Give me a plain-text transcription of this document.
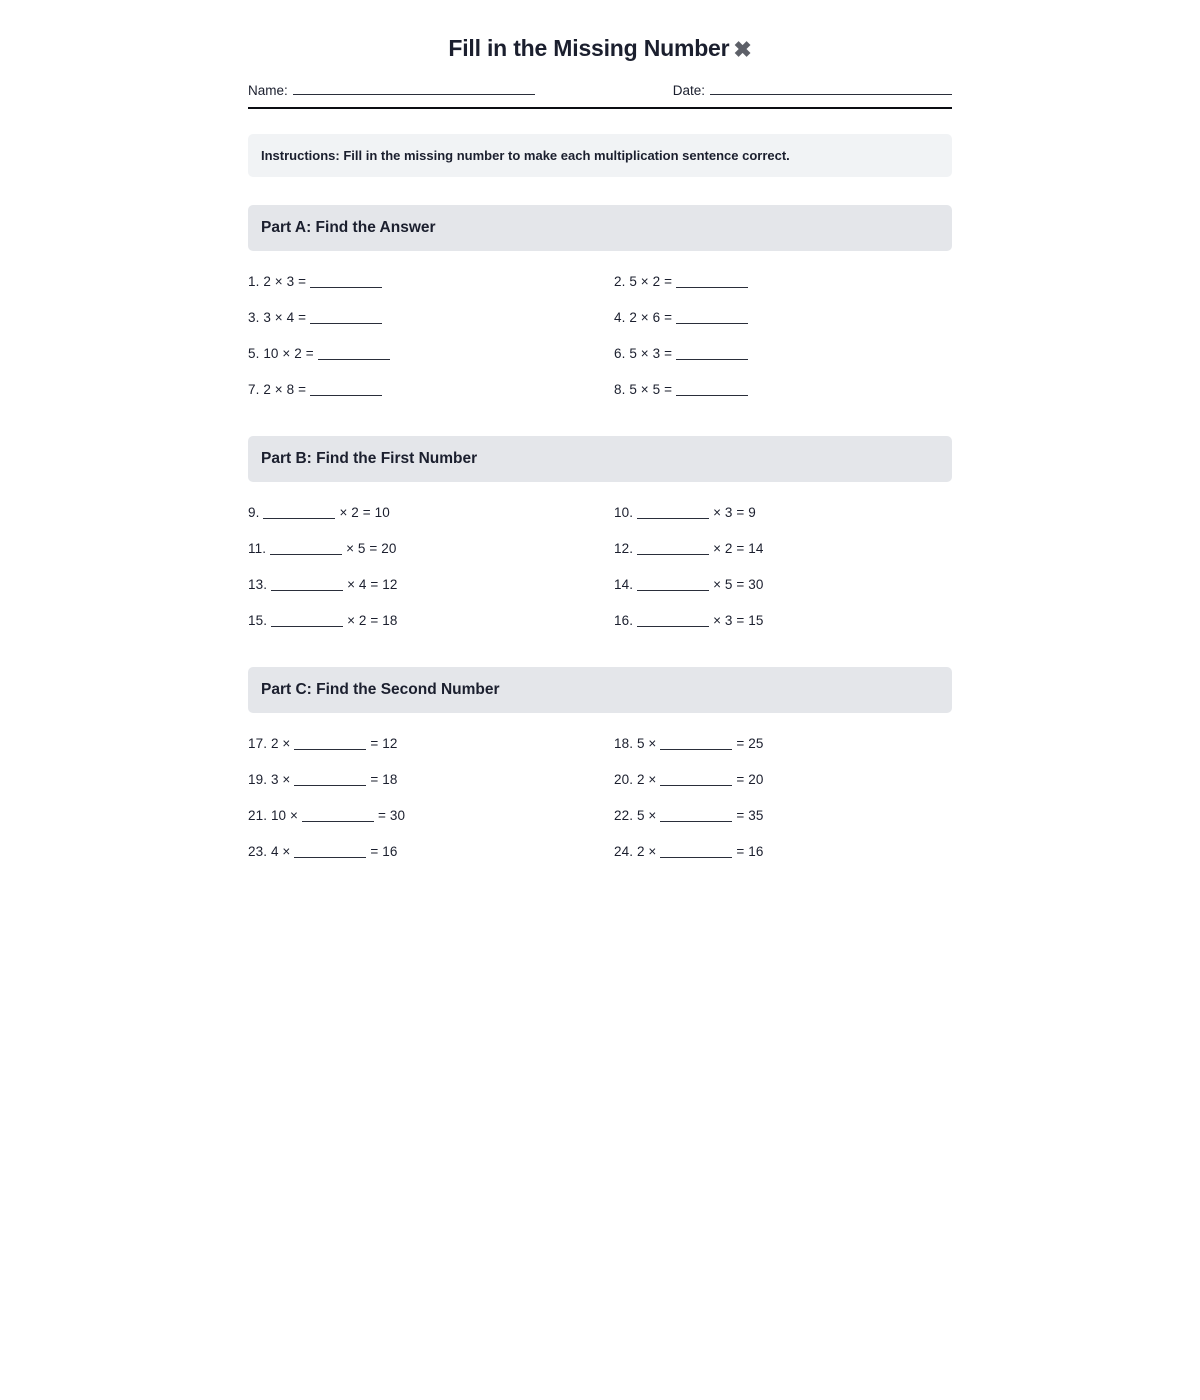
Fill in the Missing Number ✖
Name:	Date:
Instructions: Fill in the missing number to make each multiplication sentence correct.
Part A: Find the Answer
1. 2 × 3 =	2. 5 × 2 =
3. 3 × 4 =	4. 2 × 6 =
5. 10 × 2 =	6. 5 × 3 =
7. 2 × 8 =	8. 5 × 5 =
Part B: Find the First Number
9.	× 2 = 10	10.	× 3 = 9
11.	× 5 = 20	12.	× 2 = 14
13.	× 4 = 12	14.	× 5 = 30
15.	× 2 = 18	16.	× 3 = 15
Part C: Find the Second Number
17. 2 ×	= 12	18. 5 ×	= 25
19. 3 ×	= 18	20. 2 ×	= 20
21. 10 ×	= 30	22. 5 ×	= 35
23. 4 ×	= 16	24. 2 ×	= 16
